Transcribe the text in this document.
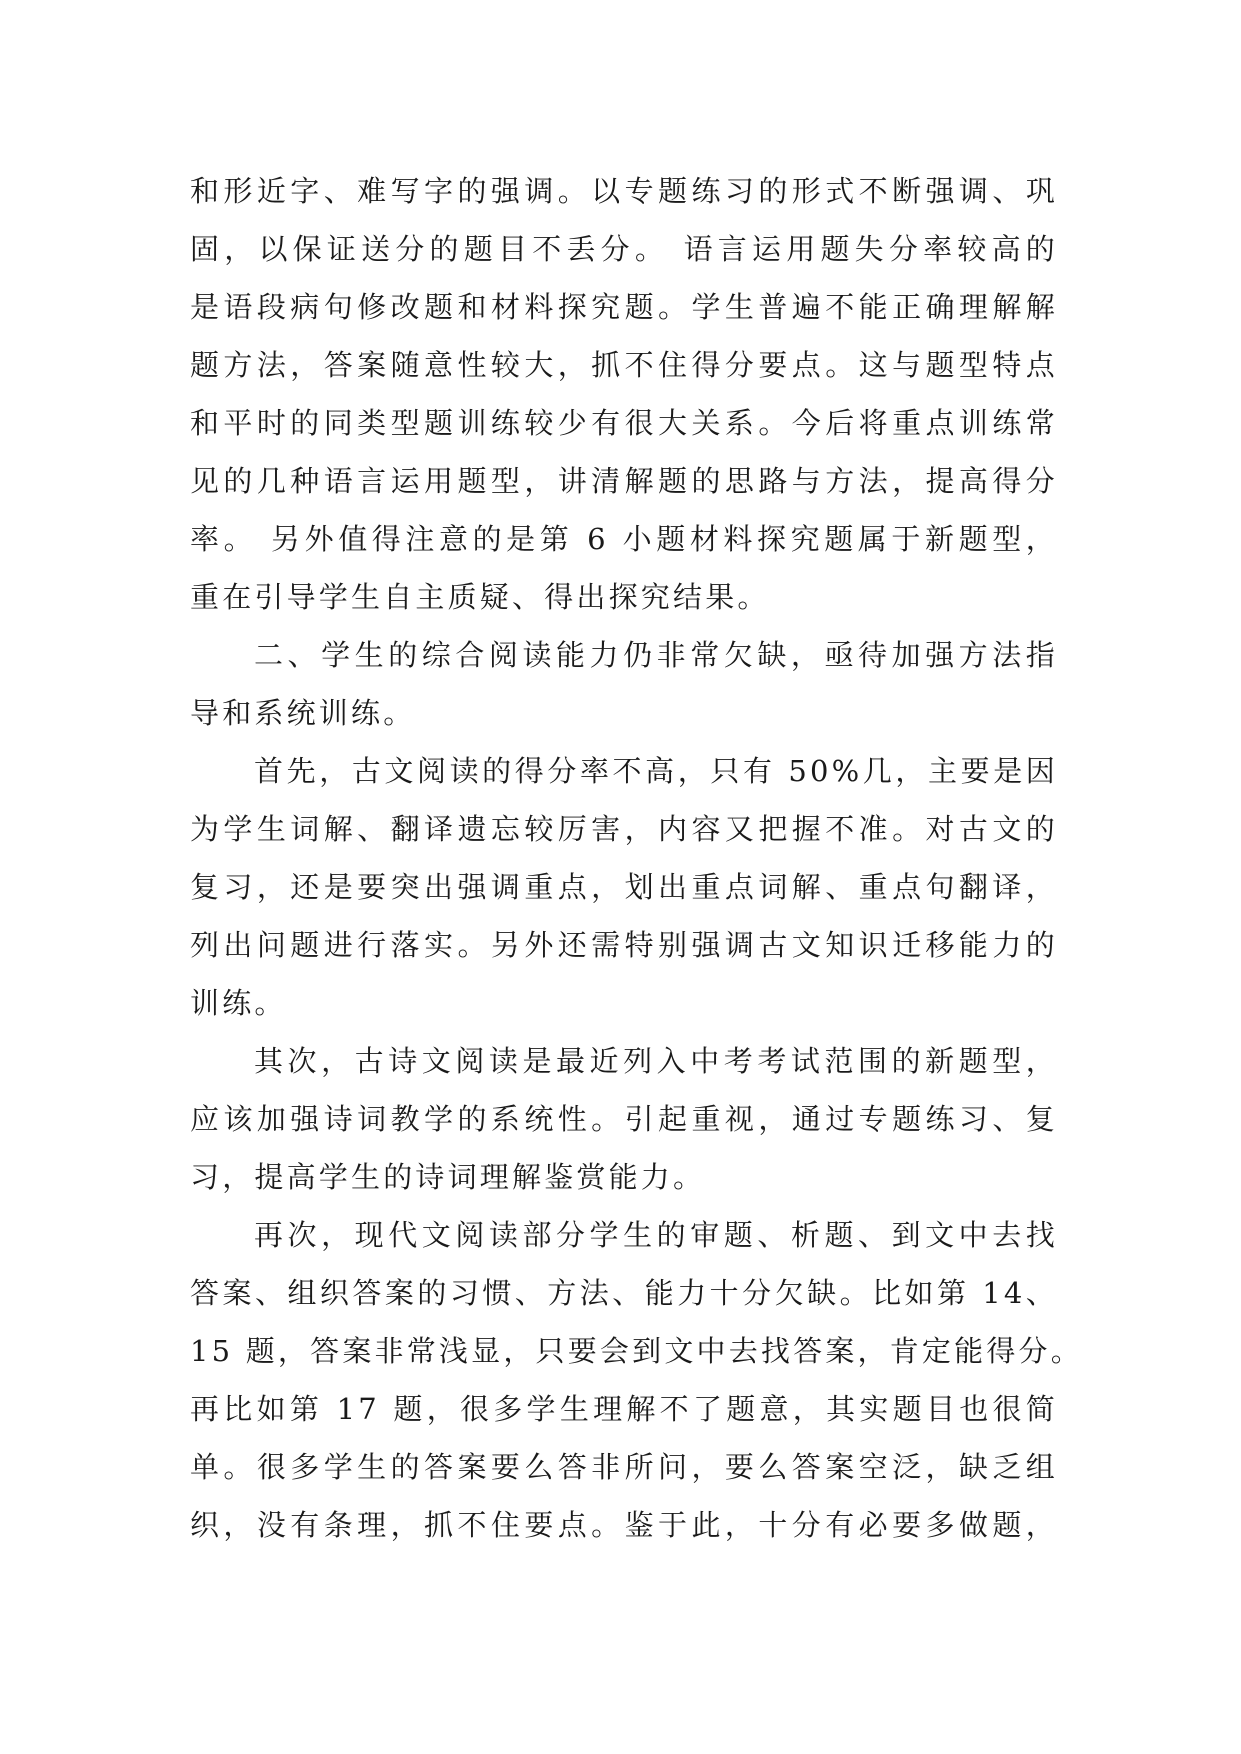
和形近字、难写字的强调。以专题练习的形式不断强调、巩
固，以保证送分的题目不丢分。 语言运用题失分率较高的
是语段病句修改题和材料探究题。学生普遍不能正确理解解
题方法，答案随意性较大，抓不住得分要点。这与题型特点
和平时的同类型题训练较少有很大关系。今后将重点训练常
见的几种语言运用题型，讲清解题的思路与方法，提高得分
率。 另外值得注意的是第 6 小题材料探究题属于新题型，
重在引导学生自主质疑、得出探究结果。
二、学生的综合阅读能力仍非常欠缺，亟待加强方法指
导和系统训练。
首先，古文阅读的得分率不高，只有 50%几，主要是因
为学生词解、翻译遗忘较厉害，内容又把握不准。对古文的
复习，还是要突出强调重点，划出重点词解、重点句翻译，
列出问题进行落实。另外还需特别强调古文知识迁移能力的
训练。
其次，古诗文阅读是最近列入中考考试范围的新题型，
应该加强诗词教学的系统性。引起重视，通过专题练习、复
习，提高学生的诗词理解鉴赏能力。
再次，现代文阅读部分学生的审题、析题、到文中去找
答案、组织答案的习惯、方法、能力十分欠缺。比如第 14、
15 题，答案非常浅显，只要会到文中去找答案，肯定能得分。
再比如第 17 题，很多学生理解不了题意，其实题目也很简
单。很多学生的答案要么答非所问，要么答案空泛，缺乏组
织，没有条理，抓不住要点。鉴于此，十分有必要多做题，
